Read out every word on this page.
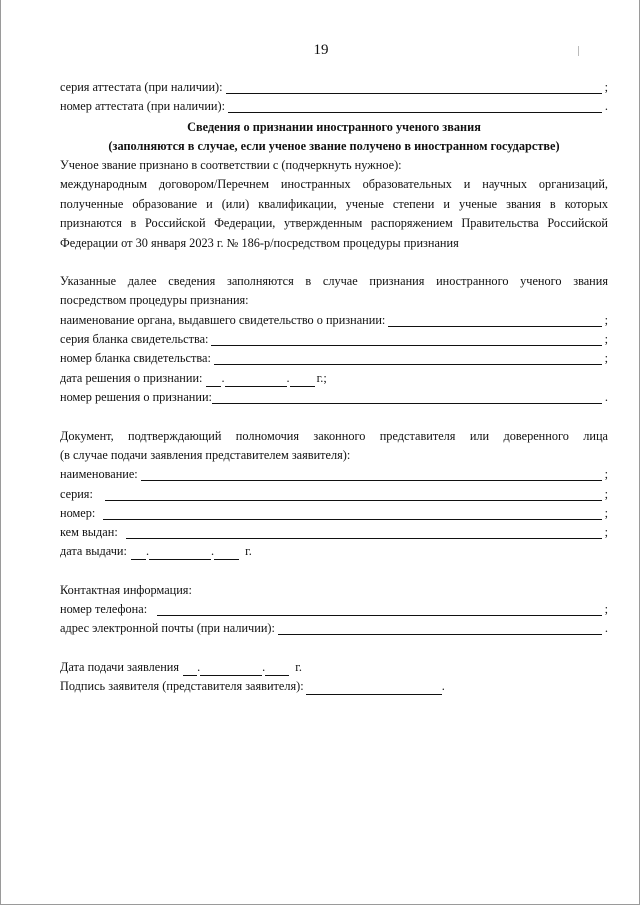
19
серия аттестата (при наличии):	;
номер аттестата (при наличии):	.
Сведения о признании иностранного ученого звания
(заполняются в случае, если ученое звание получено в иностранном государстве)
Ученое звание признано в соответствии с (подчеркнуть нужное):
международным договором/Перечнем иностранных образовательных и научных организаций,
полученные образование и (или) квалификации, ученые степени и ученые звания в которых
признаются в Российской Федерации, утвержденным распоряжением Правительства Российской
Федерации от 30 января 2023 г. № 186-р/посредством процедуры признания
Указанные далее сведения заполняются в случае признания иностранного ученого звания
посредством процедуры признания:
наименование органа, выдавшего свидетельство о признании:	;
серия бланка свидетельства:	;
номер бланка свидетельства:	;
дата решения о признании: .	. г.;
номер решения о признании:	.
Документ, подтверждающий полномочия законного представителя или доверенного лица
(в случае подачи заявления представителем заявителя):
наименование:	;
серия:	;
номер:	;
кем выдан:	;
дата выдачи: .	.	г.
Контактная информация:
номер телефона:	;
адрес электронной почты (при наличии):	.
Дата подачи заявления .	. г.
Подпись заявителя (представителя заявителя):	.
